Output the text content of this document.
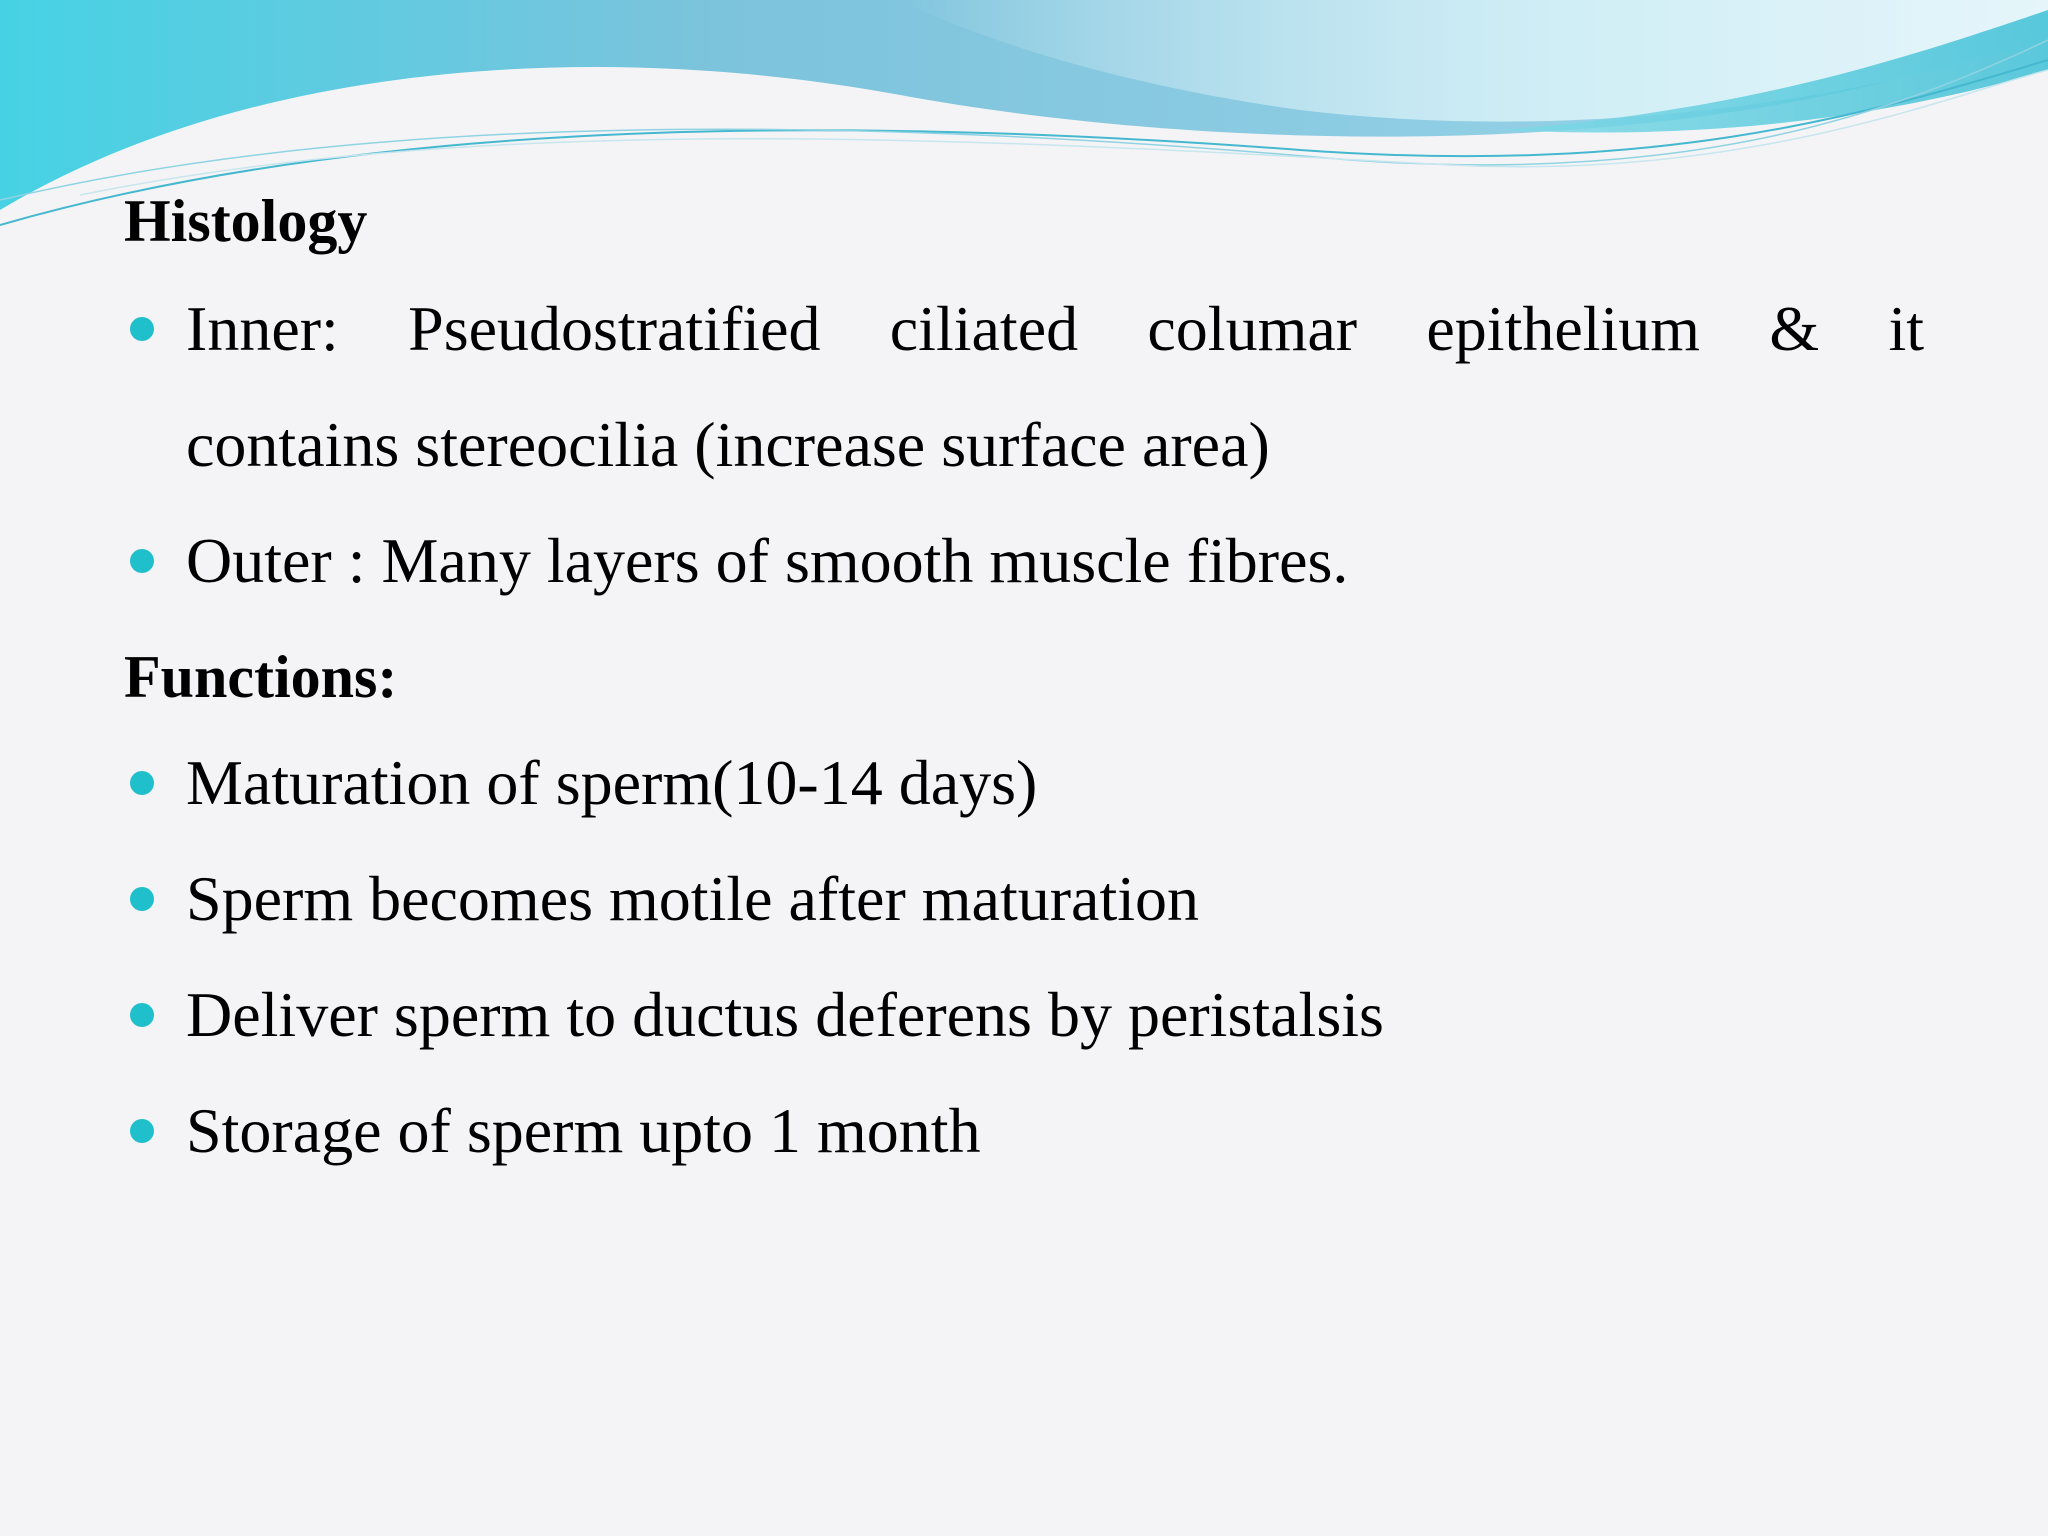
Histology
Inner: Pseudostratified ciliated columar epithelium & it
contains stereocilia (increase surface area)
Outer : Many layers of smooth muscle fibres.
Functions:
Maturation of sperm(10-14 days)
Sperm becomes motile after maturation
Deliver sperm to ductus deferens by peristalsis
Storage of sperm upto 1 month
